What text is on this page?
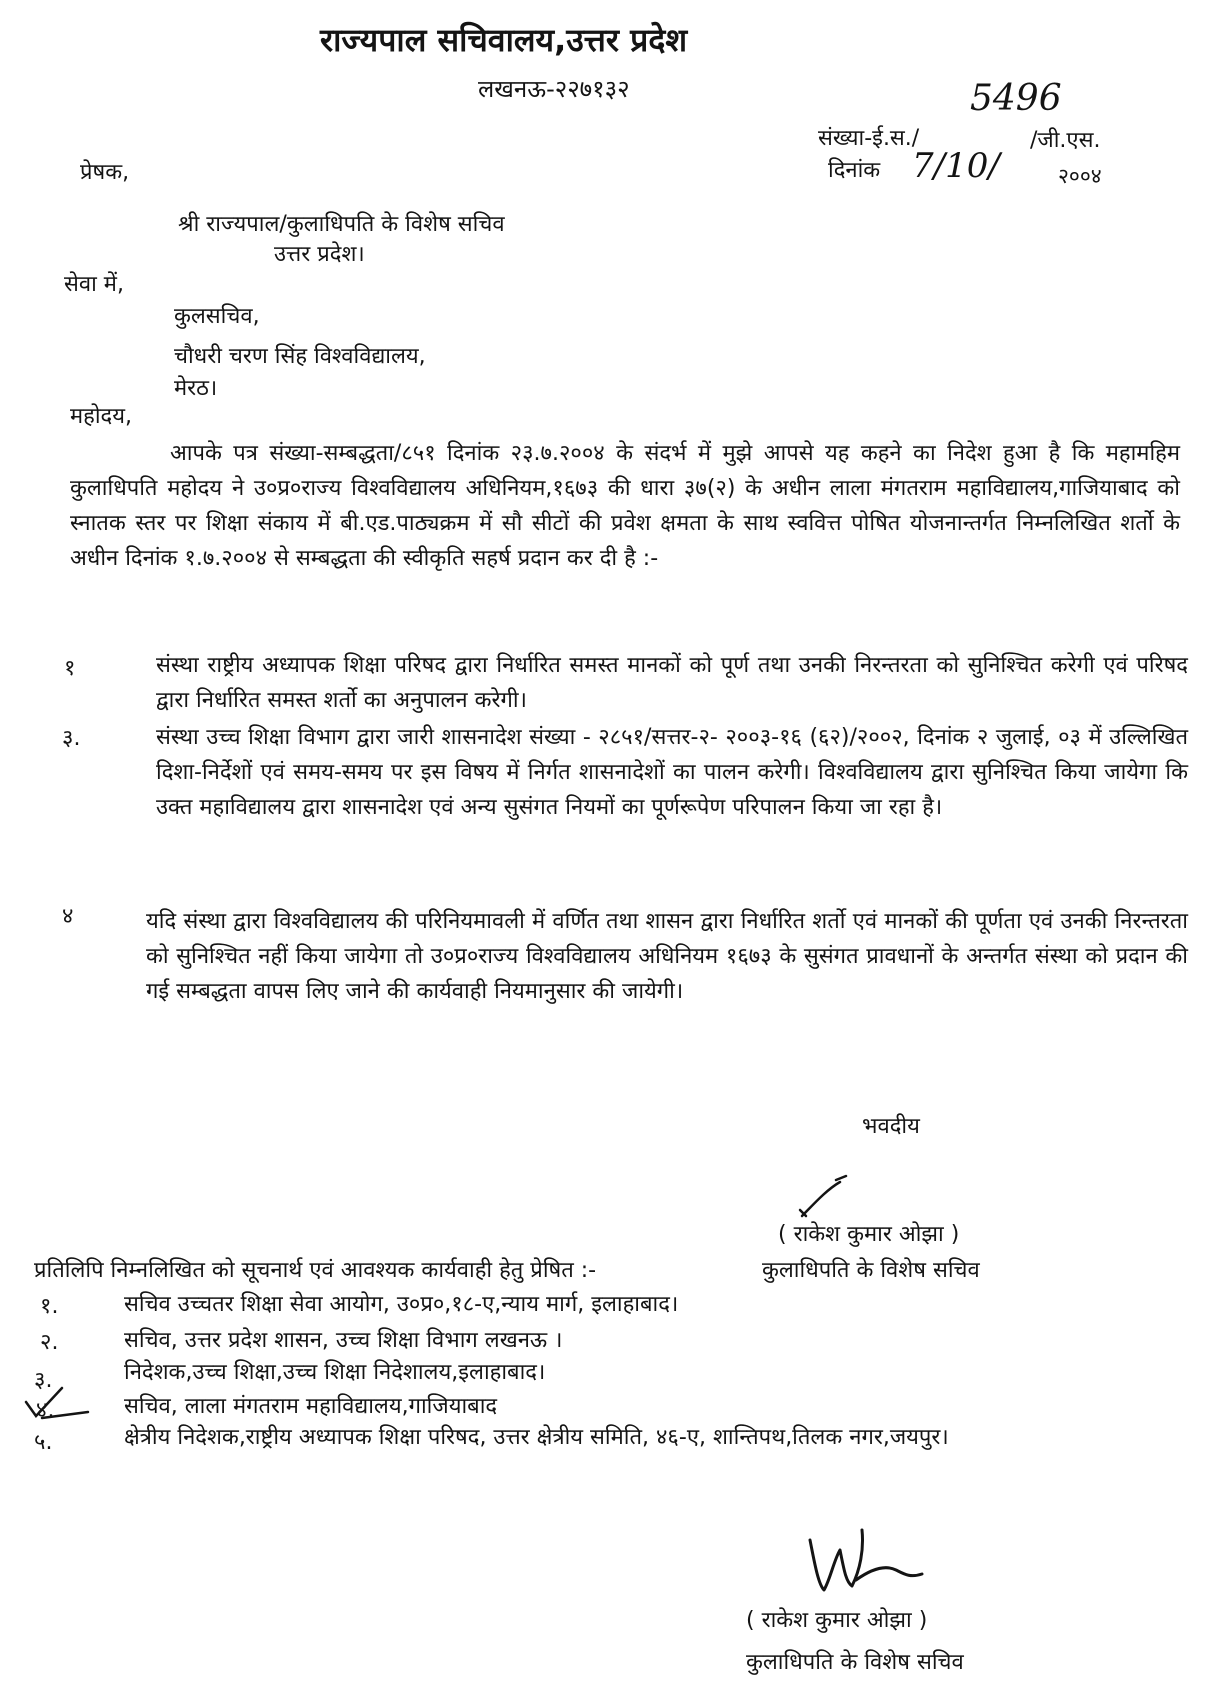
राज्यपाल सचिवालय,उत्तर प्रदेश
लखनऊ-२२७१३२	5496
संख्या-ई.स./	/जी.एस.
दिनांक 7/10/	२००४
प्रेषक,
श्री राज्यपाल/कुलाधिपति के विशेष सचिव
उत्तर प्रदेश।
सेवा में,
कुलसचिव,
चौधरी चरण सिंह विश्वविद्यालय,
मेरठ।
महोदय,
आपके पत्र संख्या-सम्बद्धता/८५१ दिनांक २३.७.२००४ के संदर्भ में मुझे आपसे यह कहने का निदेश हुआ है कि महामहिम कुलाधिपति महोदय ने उ०प्र०राज्य विश्वविद्यालय अधिनियम,१६७३ की धारा ३७(२) के अधीन लाला मंगतराम महाविद्यालय,गाजियाबाद को स्नातक स्तर पर शिक्षा संकाय में बी.एड.पाठ्यक्रम में सौ सीटों की प्रवेश क्षमता के साथ स्ववित्त पोषित योजनान्तर्गत निम्नलिखित शर्तो के अधीन दिनांक १.७.२००४ से सम्बद्धता की स्वीकृति सहर्ष प्रदान कर दी है :-
१	संस्था राष्ट्रीय अध्यापक शिक्षा परिषद द्वारा निर्धारित समस्त मानकों को पूर्ण तथा उनकी निरन्तरता को सुनिश्चित करेगी एवं परिषद द्वारा निर्धारित समस्त शर्तो का अनुपालन करेगी।
३.	संस्था उच्च शिक्षा विभाग द्वारा जारी शासनादेश संख्या - २८५१/सत्तर-२- २००३-१६ (६२)/२००२, दिनांक २ जुलाई, ०३ में उल्लिखित दिशा-निर्देशों एवं समय-समय पर इस विषय में निर्गत शासनादेशों का पालन करेगी। विश्वविद्यालय द्वारा सुनिश्चित किया जायेगा कि उक्त महाविद्यालय द्वारा शासनादेश एवं अन्य सुसंगत नियमों का पूर्णरूपेण परिपालन किया जा रहा है।
४	यदि संस्था द्वारा विश्वविद्यालय की परिनियमावली में वर्णित तथा शासन द्वारा निर्धारित शर्तो एवं मानकों की पूर्णता एवं उनकी निरन्तरता को सुनिश्चित नहीं किया जायेगा तो उ०प्र०राज्य विश्वविद्यालय अधिनियम १६७३ के सुसंगत प्रावधानों के अन्तर्गत संस्था को प्रदान की गई सम्बद्धता वापस लिए जाने की कार्यवाही नियमानुसार की जायेगी।
भवदीय
( राकेश कुमार ओझा )
प्रतिलिपि निम्नलिखित को सूचनार्थ एवं आवश्यक कार्यवाही हेतु प्रेषित :-	कुलाधिपति के विशेष सचिव
१.	सचिव उच्चतर शिक्षा सेवा आयोग, उ०प्र०,१८-ए,न्याय मार्ग, इलाहाबाद।
२.	सचिव, उत्तर प्रदेश शासन, उच्च शिक्षा विभाग लखनऊ ।
३.	निदेशक,उच्च शिक्षा,उच्च शिक्षा निदेशालय,इलाहाबाद।
४.	सचिव, लाला मंगतराम महाविद्यालय,गाजियाबाद
५.	क्षेत्रीय निदेशक,राष्ट्रीय अध्यापक शिक्षा परिषद, उत्तर क्षेत्रीय समिति, ४६-ए, शान्तिपथ,तिलक नगर,जयपुर।
( राकेश कुमार ओझा )
कुलाधिपति के विशेष सचिव
